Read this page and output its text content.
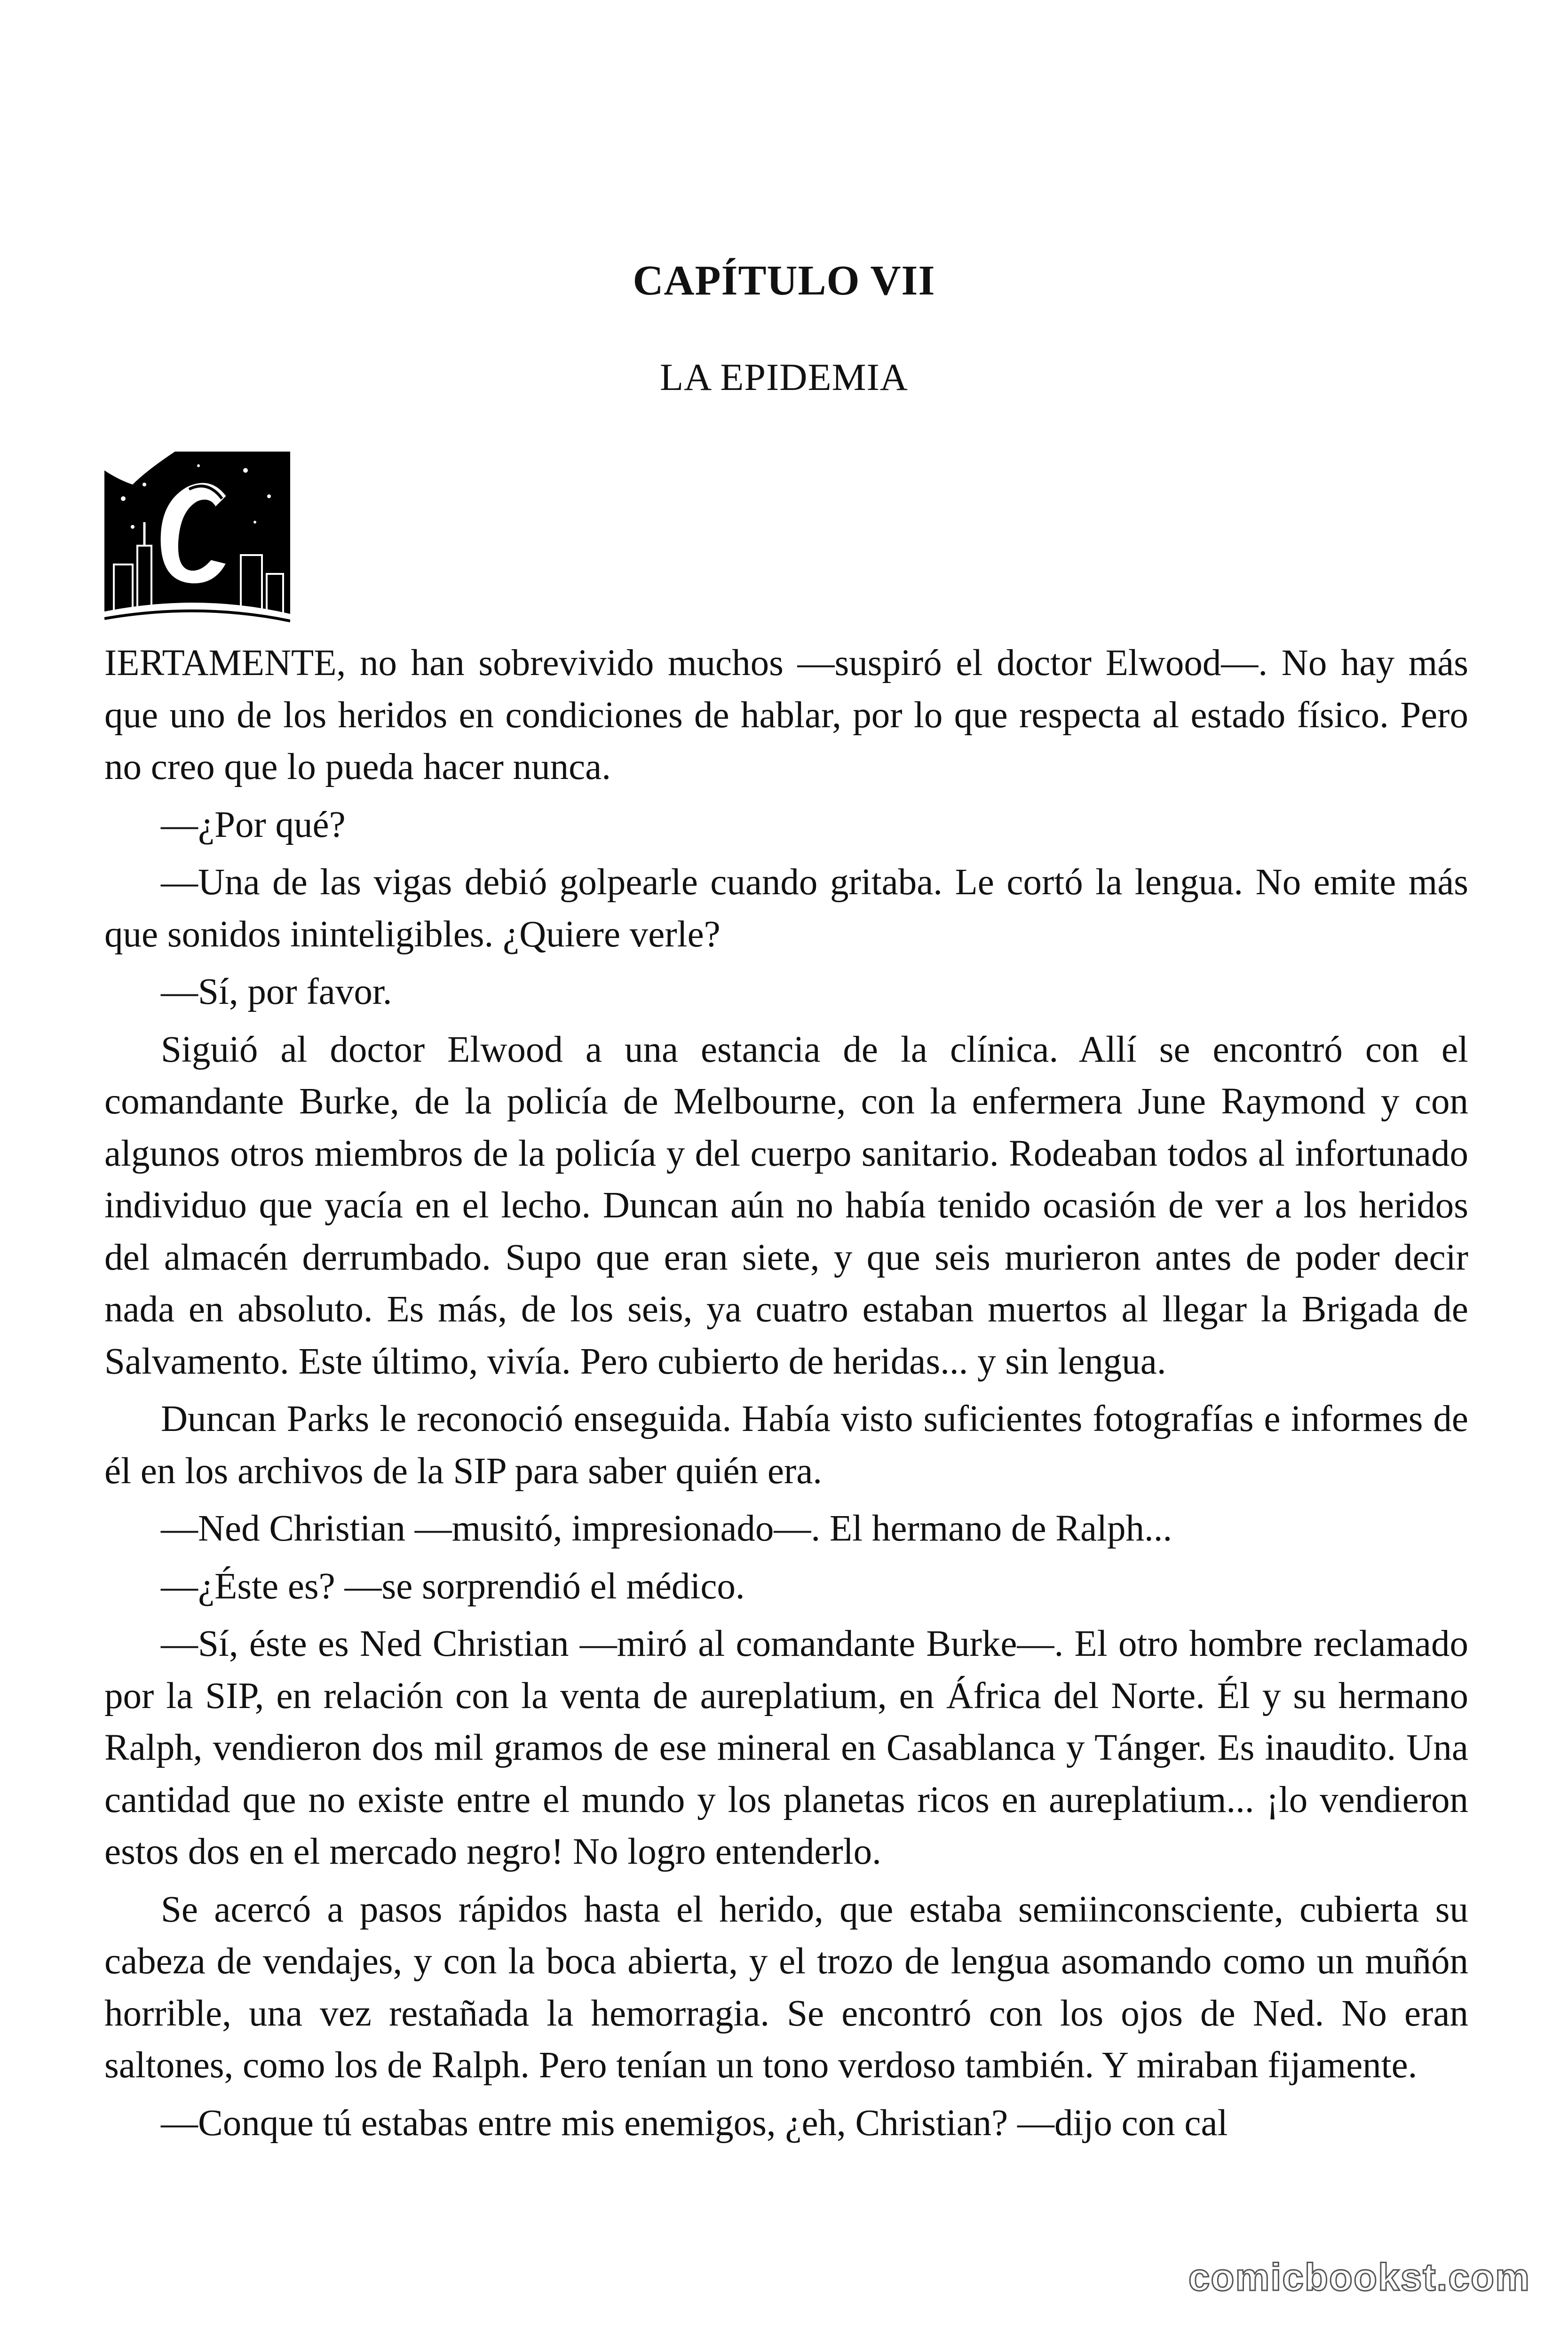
CAPÍTULO VII
LA EPIDEMIA

IERTAMENTE, no han sobrevivido muchos —suspiró el doctor Elwood—. No hay más que uno de los heridos en condiciones de hablar, por lo que respecta al estado físico. Pero no creo que lo pueda hacer nunca.

—¿Por qué?

—Una de las vigas debió golpearle cuando gritaba. Le cortó la lengua. No emite más que sonidos ininteligibles. ¿Quiere verle?

—Sí, por favor.

Siguió al doctor Elwood a una estancia de la clínica. Allí se encontró con el comandante Burke, de la policía de Melbourne, con la enfermera June Raymond y con algunos otros miembros de la policía y del cuerpo sanitario. Rodeaban todos al infortunado individuo que yacía en el lecho. Duncan aún no había tenido ocasión de ver a los heridos del almacén derrumbado. Supo que eran siete, y que seis murieron antes de poder decir nada en absoluto. Es más, de los seis, ya cuatro estaban muertos al llegar la Brigada de Salvamento. Este último, vivía. Pero cubierto de heridas... y sin lengua.

Duncan Parks le reconoció enseguida. Había visto suficientes fotografías e informes de él en los archivos de la SIP para saber quién era.

—Ned Christian —musitó, impresionado—. El hermano de Ralph...

—¿Éste es? —se sorprendió el médico.

—Sí, éste es Ned Christian —miró al comandante Burke—. El otro hombre reclamado por la SIP, en relación con la venta de aureplatium, en África del Norte. Él y su hermano Ralph, vendieron dos mil gramos de ese mineral en Casablanca y Tánger. Es inaudito. Una cantidad que no existe entre el mundo y los planetas ricos en aureplatium... ¡lo vendieron estos dos en el mercado negro! No logro entenderlo.

Se acercó a pasos rápidos hasta el herido, que estaba semiinconsciente, cubierta su cabeza de vendajes, y con la boca abierta, y el trozo de lengua asomando como un muñón horrible, una vez restañada la hemorragia. Se encontró con los ojos de Ned. No eran saltones, como los de Ralph. Pero tenían un tono verdoso también. Y miraban fijamente.

—Conque tú estabas entre mis enemigos, ¿eh, Christian? —dijo con cal

comicbookst.com
